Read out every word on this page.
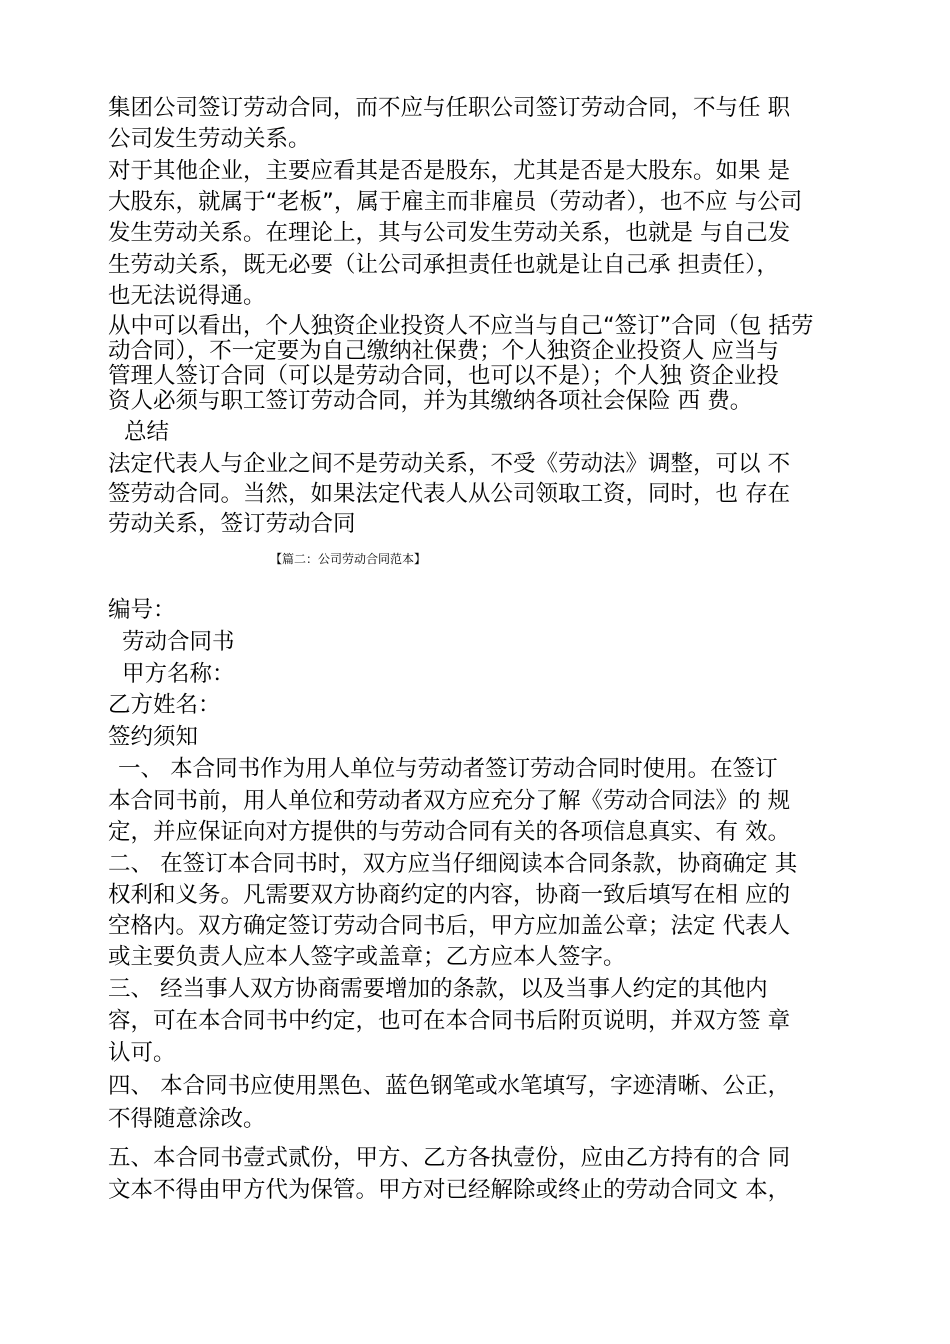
集团公司签订劳动合同，而不应与任职公司签订劳动合同，不与任 职

公司发生劳动关系。

对于其他企业，主要应看其是否是股东，尤其是否是大股东。如果 是

大股东，就属于“老板”，属于雇主而非雇员（劳动者），也不应 与公司

发生劳动关系。在理论上，其与公司发生劳动关系，也就是 与自己发

生劳动关系，既无必要（让公司承担责任也就是让自己承 担责任），

也无法说得通。

从中可以看出，个人独资企业投资人不应当与自己“签订”合同（包 括劳

动合同），不一定要为自己缴纳社保费；个人独资企业投资人 应当与

管理人签订合同（可以是劳动合同，也可以不是）；个人独 资企业投

资人必须与职工签订劳动合同，并为其缴纳各项社会保险 西 费。

总结

法定代表人与企业之间不是劳动关系，不受《劳动法》调整，可以 不

签劳动合同。当然，如果法定代表人从公司领取工资，同时，也 存在

劳动关系，签订劳动合同

【篇二：公司劳动合同范本】

编号：

劳动合同书

甲方名称：

乙方姓名：

签约须知

一、 本合同书作为用人单位与劳动者签订劳动合同时使用。在签订

本合同书前，用人单位和劳动者双方应充分了解《劳动合同法》的 规

定，并应保证向对方提供的与劳动合同有关的各项信息真实、有 效。

二、 在签订本合同书时，双方应当仔细阅读本合同条款，协商确定 其

权利和义务。凡需要双方协商约定的内容，协商一致后填写在相 应的

空格内。双方确定签订劳动合同书后，甲方应加盖公章；法定 代表人

或主要负责人应本人签字或盖章；乙方应本人签字。

三、 经当事人双方协商需要增加的条款，以及当事人约定的其他内

容，可在本合同书中约定，也可在本合同书后附页说明，并双方签 章

认可。

四、 本合同书应使用黑色、蓝色钢笔或水笔填写，字迹清晰、公正，

不得随意涂改。

五、本合同书壹式贰份，甲方、乙方各执壹份，应由乙方持有的合 同

文本不得由甲方代为保管。甲方对已经解除或终止的劳动合同文 本，
